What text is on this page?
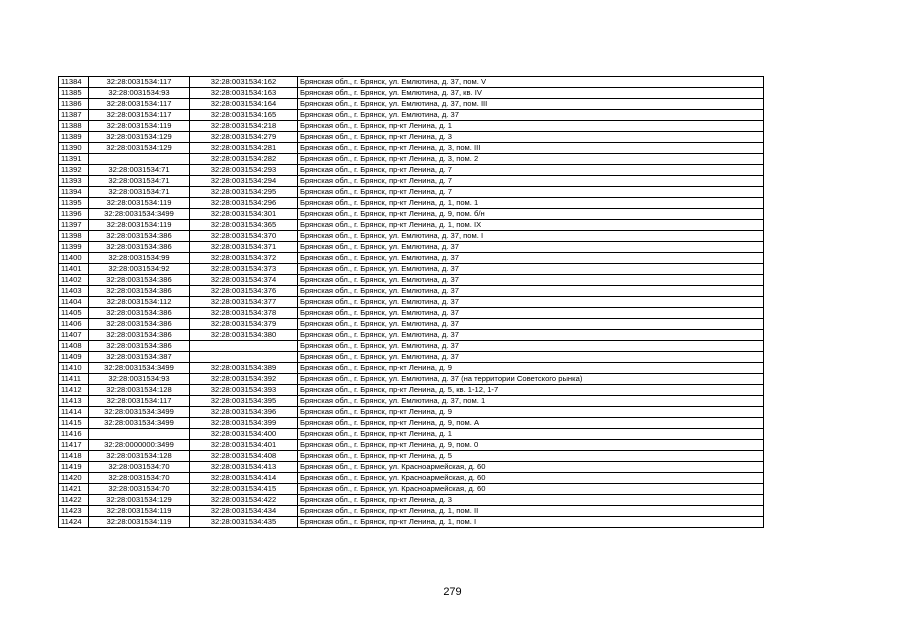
11384	32:28:0031534:117	32:28:0031534:162	Брянская обл., г. Брянск, ул. Емлютина, д. 37, пом. V
11385	32:28:0031534:93	32:28:0031534:163	Брянская обл., г. Брянск, ул. Емлютина, д. 37, кв. IV
11386	32:28:0031534:117	32:28:0031534:164	Брянская обл., г. Брянск, ул. Емлютина, д. 37, пом. III
11387	32:28:0031534:117	32:28:0031534:165	Брянская обл., г. Брянск, ул. Емлютина, д. 37
11388	32:28:0031534:119	32:28:0031534:218	Брянская обл., г. Брянск, пр-кт Ленина, д. 1
11389	32:28:0031534:129	32:28:0031534:279	Брянская обл., г. Брянск, пр-кт Ленина, д. 3
11390	32:28:0031534:129	32:28:0031534:281	Брянская обл., г. Брянск, пр-кт Ленина, д. 3, пом. III
11391		32:28:0031534:282	Брянская обл., г. Брянск, пр-кт Ленина, д. 3, пом. 2
11392	32:28:0031534:71	32:28:0031534:293	Брянская обл., г. Брянск, пр-кт Ленина, д. 7
11393	32:28:0031534:71	32:28:0031534:294	Брянская обл., г. Брянск, пр-кт Ленина, д. 7
11394	32:28:0031534:71	32:28:0031534:295	Брянская обл., г. Брянск, пр-кт Ленина, д. 7
11395	32:28:0031534:119	32:28:0031534:296	Брянская обл., г. Брянск, пр-кт Ленина, д. 1, пом. 1
11396	32:28:0031534:3499	32:28:0031534:301	Брянская обл., г. Брянск, пр-кт Ленина, д. 9, пом. б/н
11397	32:28:0031534:119	32:28:0031534:365	Брянская обл., г. Брянск, пр-кт Ленина, д. 1, пом. IX
11398	32:28:0031534:386	32:28:0031534:370	Брянская обл., г. Брянск, ул. Емлютина, д. 37, пом. I
11399	32:28:0031534:386	32:28:0031534:371	Брянская обл., г. Брянск, ул. Емлютина, д. 37
11400	32:28:0031534:99	32:28:0031534:372	Брянская обл., г. Брянск, ул. Емлютина, д. 37
11401	32:28:0031534:92	32:28:0031534:373	Брянская обл., г. Брянск, ул. Емлютина, д. 37
11402	32:28:0031534:386	32:28:0031534:374	Брянская обл., г. Брянск, ул. Емлютина, д. 37
11403	32:28:0031534:386	32:28:0031534:376	Брянская обл., г. Брянск, ул. Емлютина, д. 37
11404	32:28:0031534:112	32:28:0031534:377	Брянская обл., г. Брянск, ул. Емлютина, д. 37
11405	32:28:0031534:386	32:28:0031534:378	Брянская обл., г. Брянск, ул. Емлютина, д. 37
11406	32:28:0031534:386	32:28:0031534:379	Брянская обл., г. Брянск, ул. Емлютина, д. 37
11407	32:28:0031534:386	32:28:0031534:380	Брянская обл., г. Брянск, ул. Емлютина, д. 37
11408	32:28:0031534:386		Брянская обл., г. Брянск, ул. Емлютина, д. 37
11409	32:28:0031534:387		Брянская обл., г. Брянск, ул. Емлютина, д. 37
11410	32:28:0031534:3499	32:28:0031534:389	Брянская обл., г. Брянск, пр-кт Ленина, д. 9
11411	32:28:0031534:93	32:28:0031534:392	Брянская обл., г. Брянск, ул. Емлютина, д. 37 (на территории Советского рынка)
11412	32:28:0031534:128	32:28:0031534:393	Брянская обл., г. Брянск, пр-кт Ленина, д. 5, кв. 1-12, 1-7
11413	32:28:0031534:117	32:28:0031534:395	Брянская обл., г. Брянск, ул. Емлютина, д. 37, пом. 1
11414	32:28:0031534:3499	32:28:0031534:396	Брянская обл., г. Брянск, пр-кт Ленина, д. 9
11415	32:28:0031534:3499	32:28:0031534:399	Брянская обл., г. Брянск, пр-кт Ленина, д. 9, пом. А
11416		32:28:0031534:400	Брянская обл., г. Брянск, пр-кт Ленина, д. 1
11417	32:28:0000000:3499	32:28:0031534:401	Брянская обл., г. Брянск, пр-кт Ленина, д. 9, пом. 0
11418	32:28:0031534:128	32:28:0031534:408	Брянская обл., г. Брянск, пр-кт Ленина, д. 5
11419	32:28:0031534:70	32:28:0031534:413	Брянская обл., г. Брянск, ул. Красноармейская, д. 60
11420	32:28:0031534:70	32:28:0031534:414	Брянская обл., г. Брянск, ул. Красноармейская, д. 60
11421	32:28:0031534:70	32:28:0031534:415	Брянская обл., г. Брянск, ул. Красноармейская, д. 60
11422	32:28:0031534:129	32:28:0031534:422	Брянская обл., г. Брянск, пр-кт Ленина, д. 3
11423	32:28:0031534:119	32:28:0031534:434	Брянская обл., г. Брянск, пр-кт Ленина, д. 1, пом. II
11424	32:28:0031534:119	32:28:0031534:435	Брянская обл., г. Брянск, пр-кт Ленина, д. 1, пом. I
279
